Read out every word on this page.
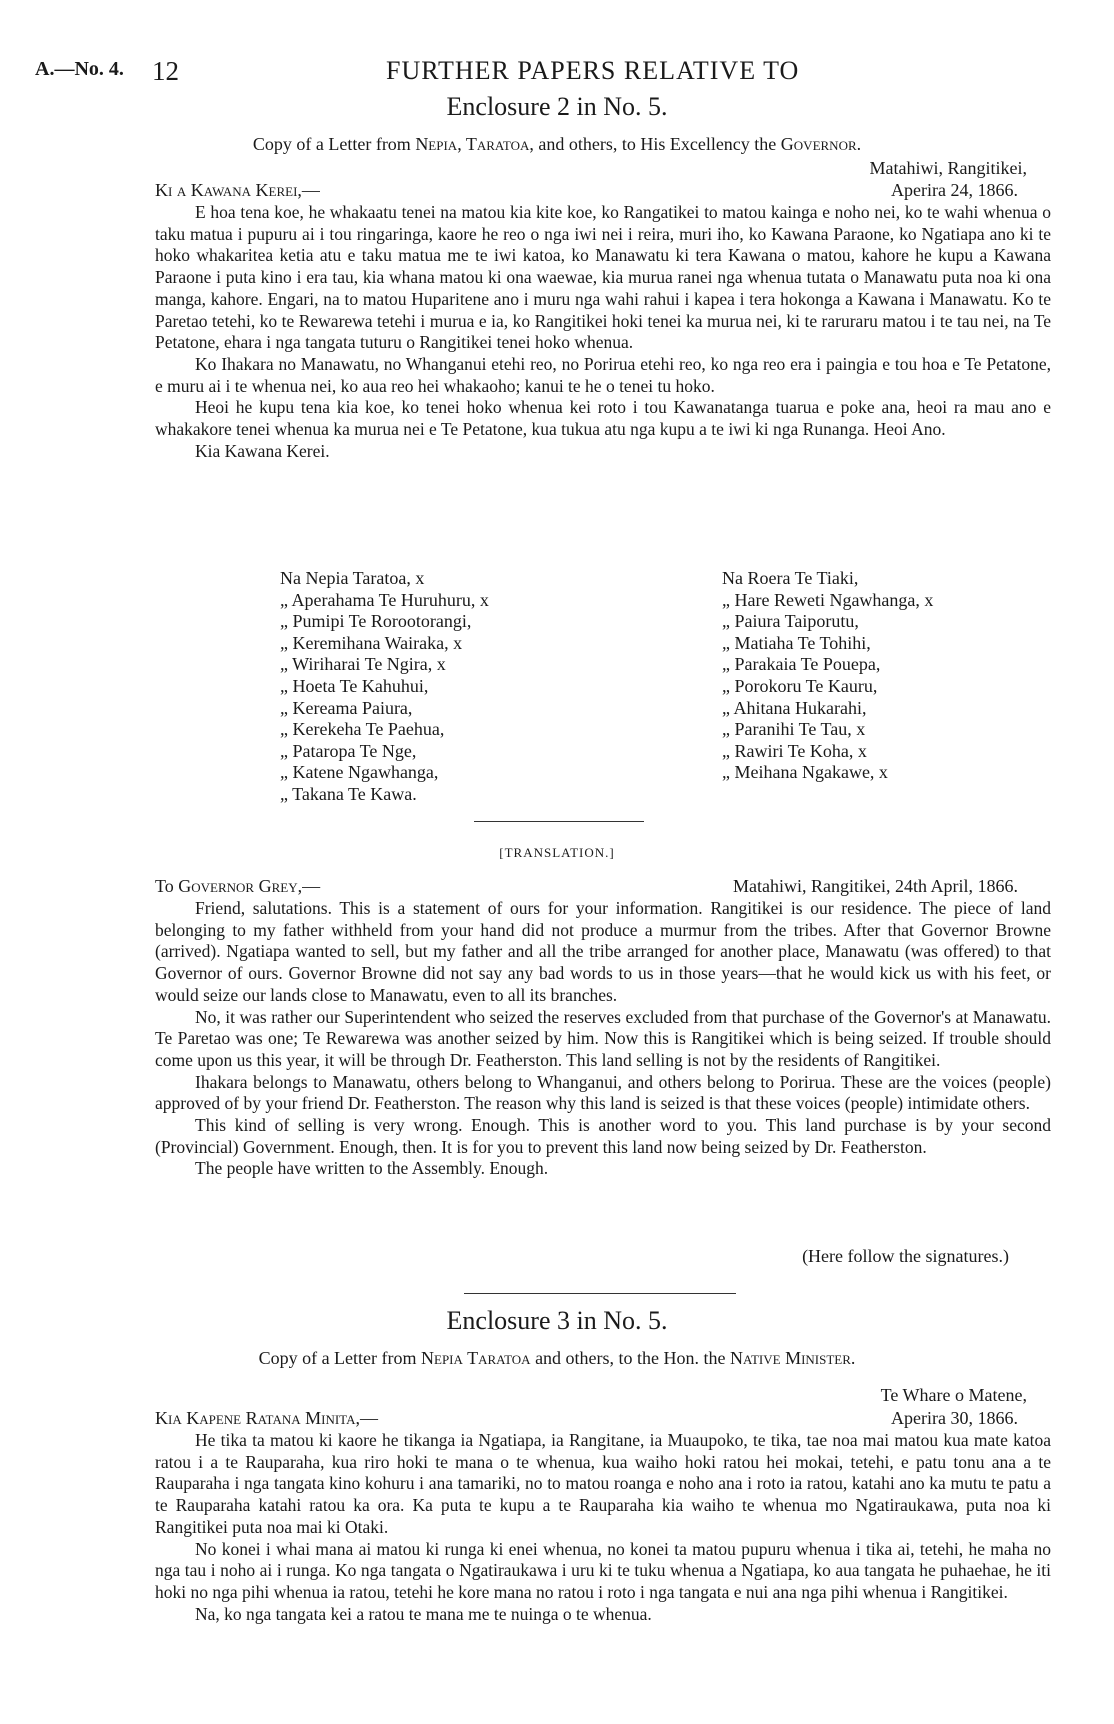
A.—No. 4. 12	FURTHER PAPERS RELATIVE TO
Enclosure 2 in No. 5.
Copy of a Letter from Nepia, Taratoa, and others, to His Excellency the Governor.
Matahiwi, Rangitikei,
Ki a Kawana Kerei,—	Aperira 24, 1866.

E hoa tena koe, he whakaatu tenei na matou kia kite koe, ko Rangatikei to matou kainga e noho nei, ko te wahi whenua o taku matua i pupuru ai i tou ringaringa, kaore he reo o nga iwi nei i reira, muri iho, ko Kawana Paraone, ko Ngatiapa ano ki te hoko whakaritea ketia atu e taku matua me te iwi katoa, ko Manawatu ki tera Kawana o matou, kahore he kupu a Kawana Paraone i puta kino i era tau, kia whana matou ki ona waewae, kia murua ranei nga whenua tutata o Manawatu puta noa ki ona manga, kahore. Engari, na to matou Huparitene ano i muru nga wahi rahui i kapea i tera hokonga a Kawana i Manawatu. Ko te Paretao tetehi, ko te Rewarewa tetehi i murua e ia, ko Rangitikei hoki tenei ka murua nei, ki te raruraru matou i te tau nei, na Te Petatone, ehara i nga tangata tuturu o Rangitikei tenei hoko whenua.

Ko Ihakara no Manawatu, no Whanganui etehi reo, no Porirua etehi reo, ko nga reo era i paingia e tou hoa e Te Petatone, e muru ai i te whenua nei, ko aua reo hei whakaoho; kanui te he o tenei tu hoko.

Heoi he kupu tena kia koe, ko tenei hoko whenua kei roto i tou Kawanatanga tuarua e poke ana, heoi ra mau ano e whakakore tenei whenua ka murua nei e Te Petatone, kua tukua atu nga kupu a te iwi ki nga Runanga. Heoi Ano.

Kia Kawana Kerei.
Na Nepia Taratoa, x
„ Aperahama Te Huruhuru, x
„ Pumipi Te Rorootorangi,
„ Keremihana Wairaka, x
„ Wiriharai Te Ngira, x
„ Hoeta Te Kahuhui,
„ Kereama Paiura,
„ Kerekeha Te Paehua,
„ Pataropa Te Nge,
„ Katene Ngawhanga,
„ Takana Te Kawa.
Na Roera Te Tiaki,
„ Hare Reweti Ngawhanga, x
„ Paiura Taiporutu,
„ Matiaha Te Tohihi,
„ Parakaia Te Pouepa,
„ Porokoru Te Kauru,
„ Ahitana Hukarahi,
„ Paranihi Te Tau, x
„ Rawiri Te Koha, x
„ Meihana Ngakawe, x
[TRANSLATION.]
To Governor Grey,—	Matahiwi, Rangitikei, 24th April, 1866.

Friend, salutations. This is a statement of ours for your information. Rangitikei is our residence. The piece of land belonging to my father withheld from your hand did not produce a murmur from the tribes. After that Governor Browne (arrived). Ngatiapa wanted to sell, but my father and all the tribe arranged for another place, Manawatu (was offered) to that Governor of ours. Governor Browne did not say any bad words to us in those years—that he would kick us with his feet, or would seize our lands close to Manawatu, even to all its branches.

No, it was rather our Superintendent who seized the reserves excluded from that purchase of the Governor's at Manawatu. Te Paretao was one; Te Rewarewa was another seized by him. Now this is Rangitikei which is being seized. If trouble should come upon us this year, it will be through Dr. Featherston. This land selling is not by the residents of Rangitikei.

Ihakara belongs to Manawatu, others belong to Whanganui, and others belong to Porirua. These are the voices (people) approved of by your friend Dr. Featherston. The reason why this land is seized is that these voices (people) intimidate others.

This kind of selling is very wrong. Enough. This is another word to you. This land purchase is by your second (Provincial) Government. Enough, then. It is for you to prevent this land now being seized by Dr. Featherston.

The people have written to the Assembly. Enough.

(Here follow the signatures.)
Enclosure 3 in No. 5.
Copy of a Letter from Nepia Taratoa and others, to the Hon. the Native Minister.
Te Whare o Matene,
Kia Kapene Ratana Minita,—	Aperira 30, 1866.

He tika ta matou ki kaore he tikanga ia Ngatiapa, ia Rangitane, ia Muaupoko, te tika, tae noa mai matou kua mate katoa ratou i a te Rauparaha, kua riro hoki te mana o te whenua, kua waiho hoki ratou hei mokai, tetehi, e patu tonu ana a te Rauparaha i nga tangata kino kohuru i ana tamariki, no to matou roanga e noho ana i roto ia ratou, katahi ano ka mutu te patu a te Rauparaha katahi ratou ka ora. Ka puta te kupu a te Rauparaha kia waiho te whenua mo Ngatiraukawa, puta noa ki Rangitikei puta noa mai ki Otaki.

No konei i whai mana ai matou ki runga ki enei whenua, no konei ta matou pupuru whenua i tika ai, tetehi, he maha no nga tau i noho ai i runga. Ko nga tangata o Ngatiraukawa i uru ki te tuku whenua a Ngatiapa, ko aua tangata he puhaehae, he iti hoki no nga pihi whenua ia ratou, tetehi he kore mana no ratou i roto i nga tangata e nui ana nga pihi whenua i Rangitikei.

Na, ko nga tangata kei a ratou te mana me te nuinga o te whenua.
